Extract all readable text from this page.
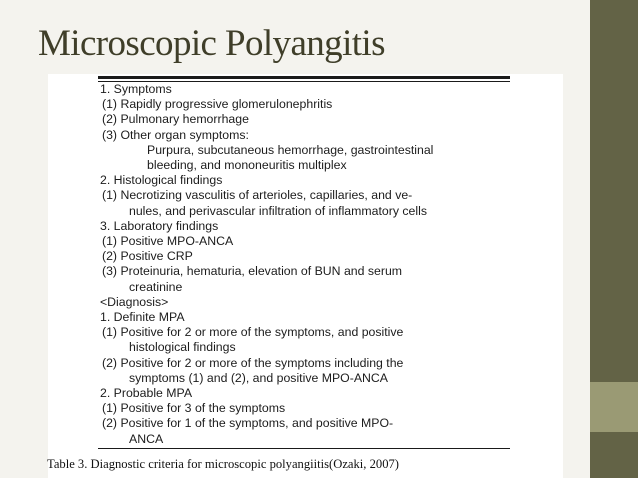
Microscopic Polyangitis
1. Symptoms
(1) Rapidly progressive glomerulonephritis
(2) Pulmonary hemorrhage
(3) Other organ symptoms:
Purpura, subcutaneous hemorrhage, gastrointestinal
bleeding, and mononeuritis multiplex
2. Histological findings
(1) Necrotizing vasculitis of arterioles, capillaries, and ve-
nules, and perivascular infiltration of inflammatory cells
3. Laboratory findings
(1) Positive MPO-ANCA
(2) Positive CRP
(3) Proteinuria, hematuria, elevation of BUN and serum
creatinine
<Diagnosis>
1. Definite MPA
(1) Positive for 2 or more of the symptoms, and positive
histological findings
(2) Positive for 2 or more of the symptoms including the
symptoms (1) and (2), and positive MPO-ANCA
2. Probable MPA
(1) Positive for 3 of the symptoms
(2) Positive for 1 of the symptoms, and positive MPO-
ANCA
Table 3. Diagnostic criteria for microscopic polyangiitis(Ozaki, 2007)
